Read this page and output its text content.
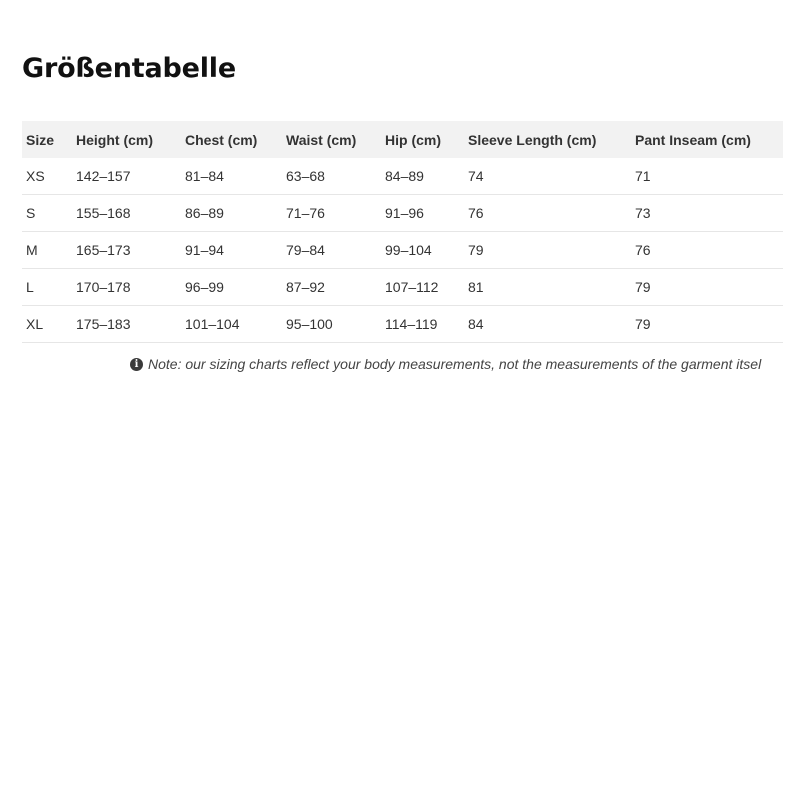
Größentabelle
Size	Height (cm)	Chest (cm)	Waist (cm)	Hip (cm)	Sleeve Length (cm)	Pant Inseam (cm)
XS	142–157	81–84	63–68	84–89	74	71
S	155–168	86–89	71–76	91–96	76	73
M	165–173	91–94	79–84	99–104	79	76
L	170–178	96–99	87–92	107–112	81	79
XL	175–183	101–104	95–100	114–119	84	79
i Note: our sizing charts reflect your body measurements, not the measurements of the garment itsel
